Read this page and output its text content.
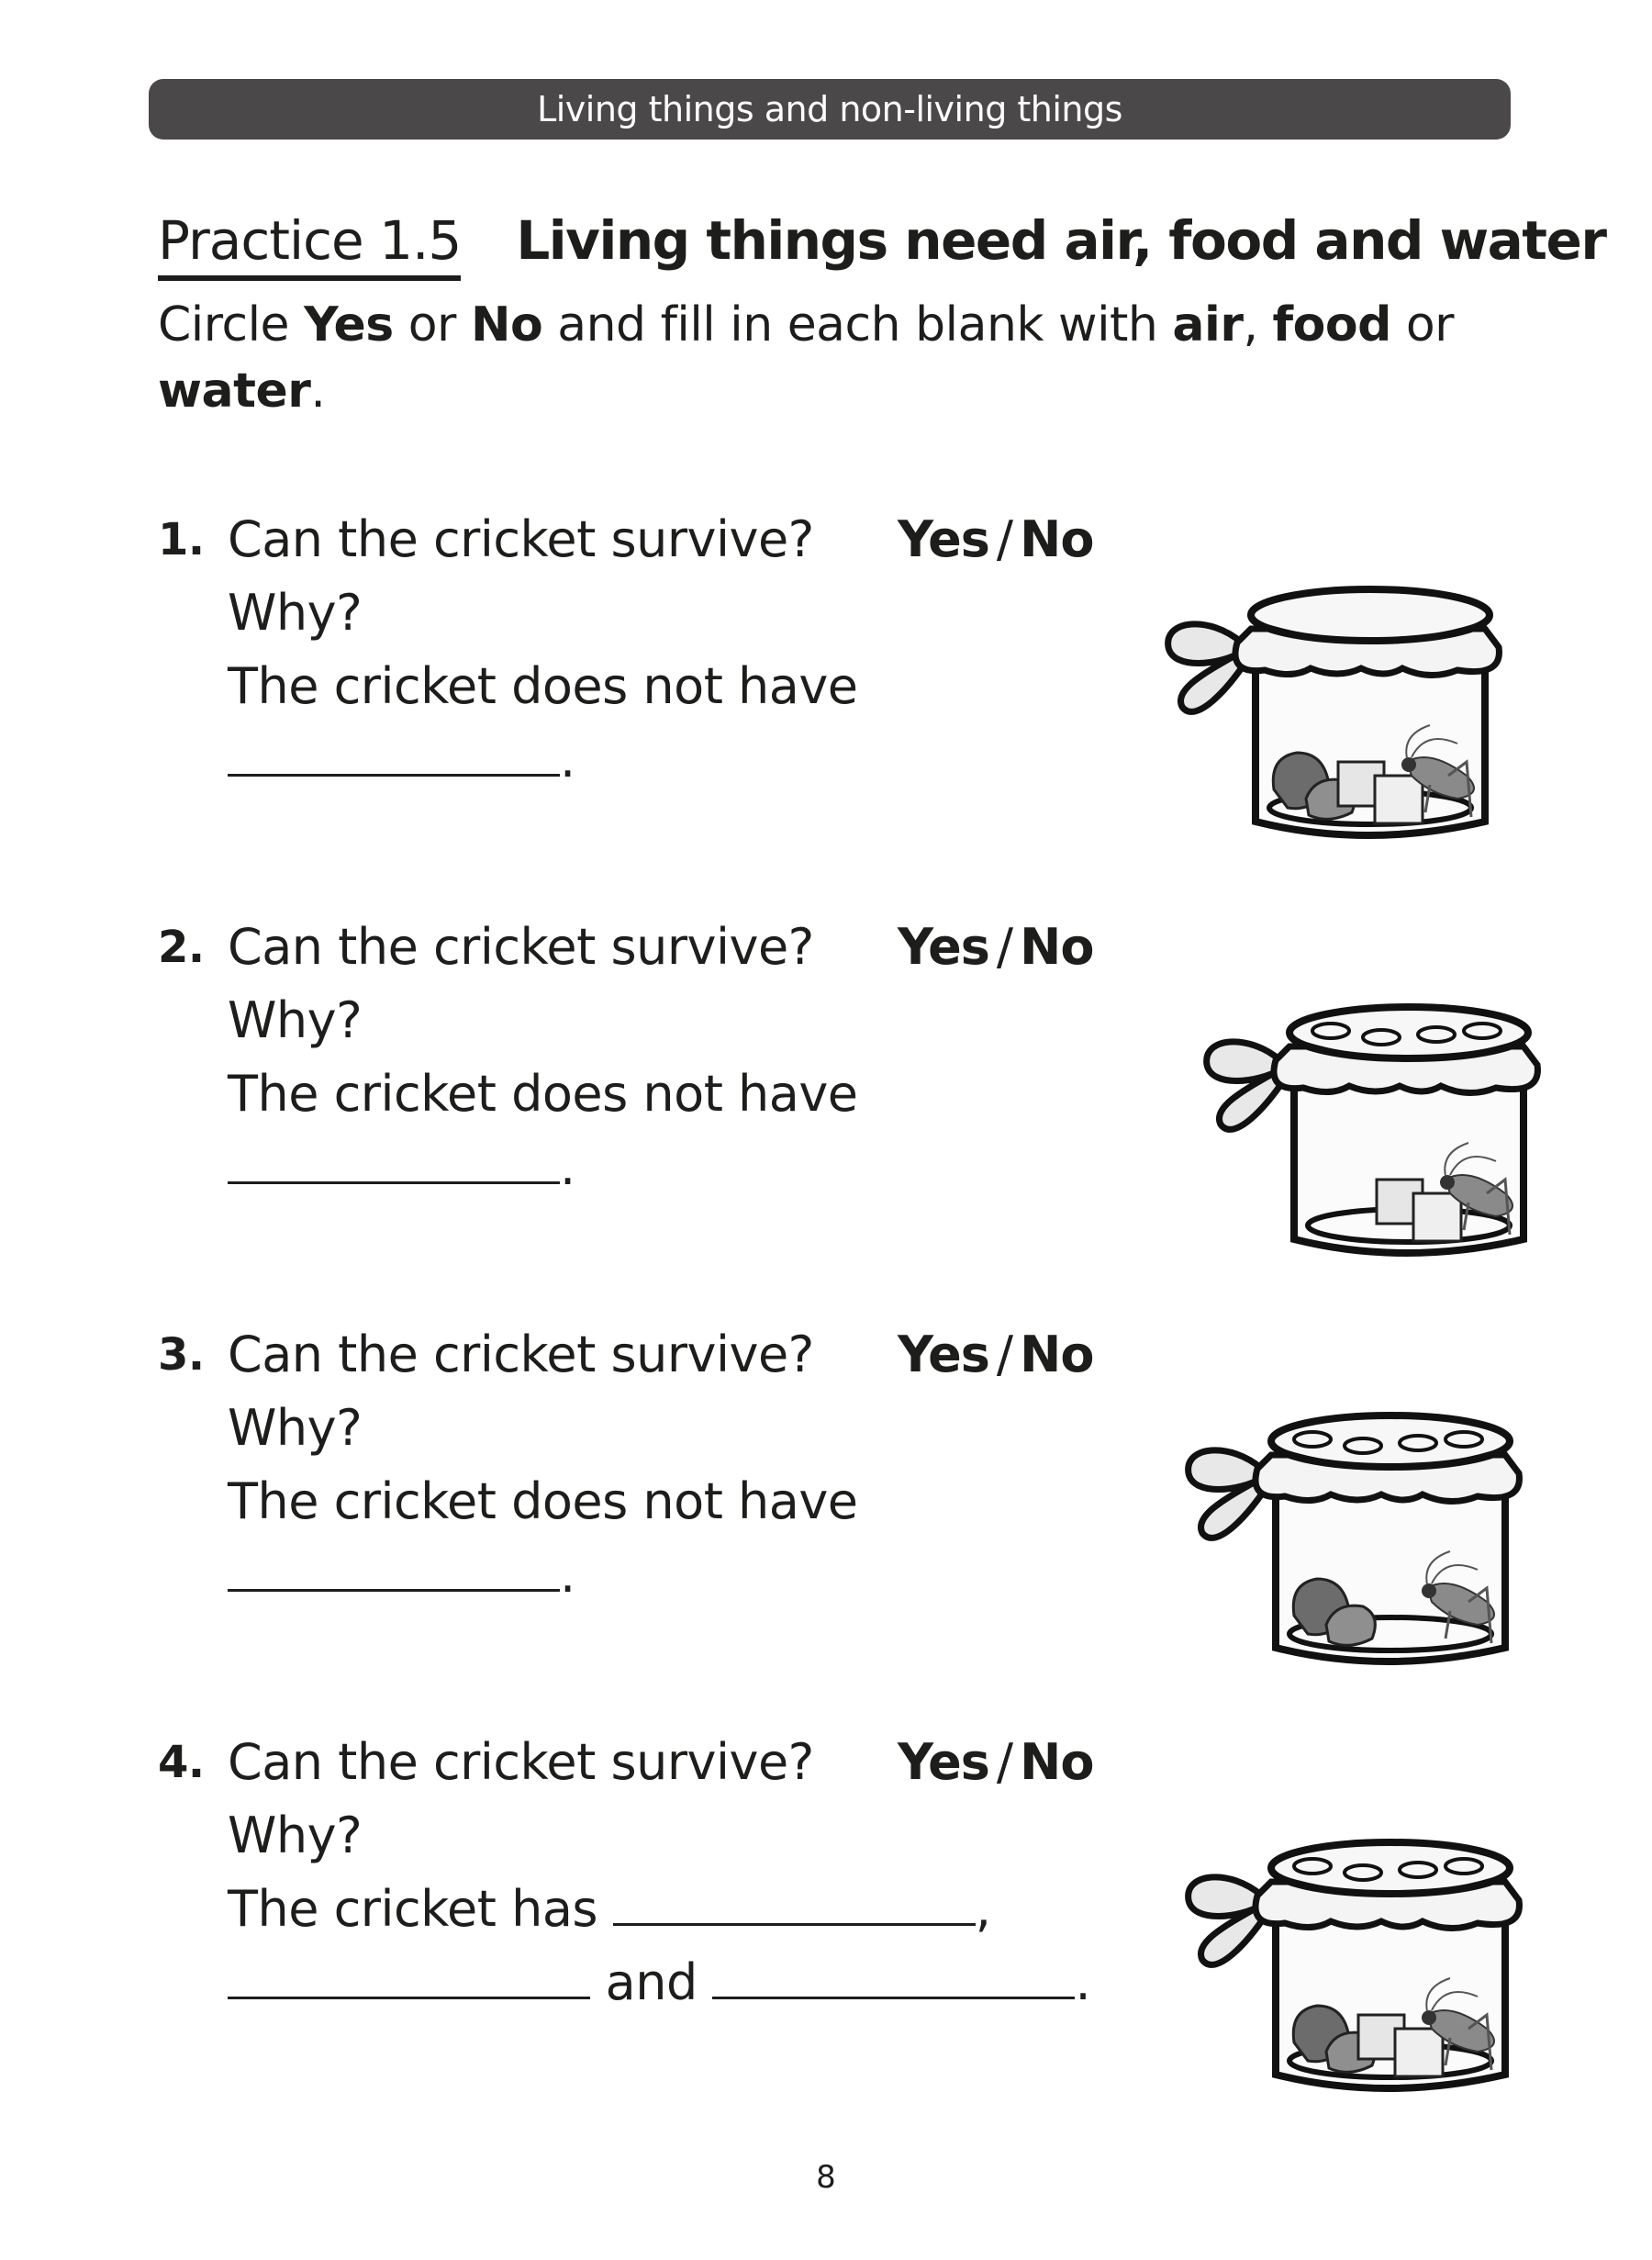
Living things and non-living things
Practice 1.5 Living things need air, food and water
Circle Yes or No and fill in each blank with air, food or
water.
1. Can the cricket survive? Yes / No
Why?
The cricket does not have
.
2. Can the cricket survive? Yes / No
Why?
The cricket does not have
.
3. Can the cricket survive? Yes / No
Why?
The cricket does not have
.
4. Can the cricket survive? Yes / No
Why?
The cricket has	,
and	.
8
